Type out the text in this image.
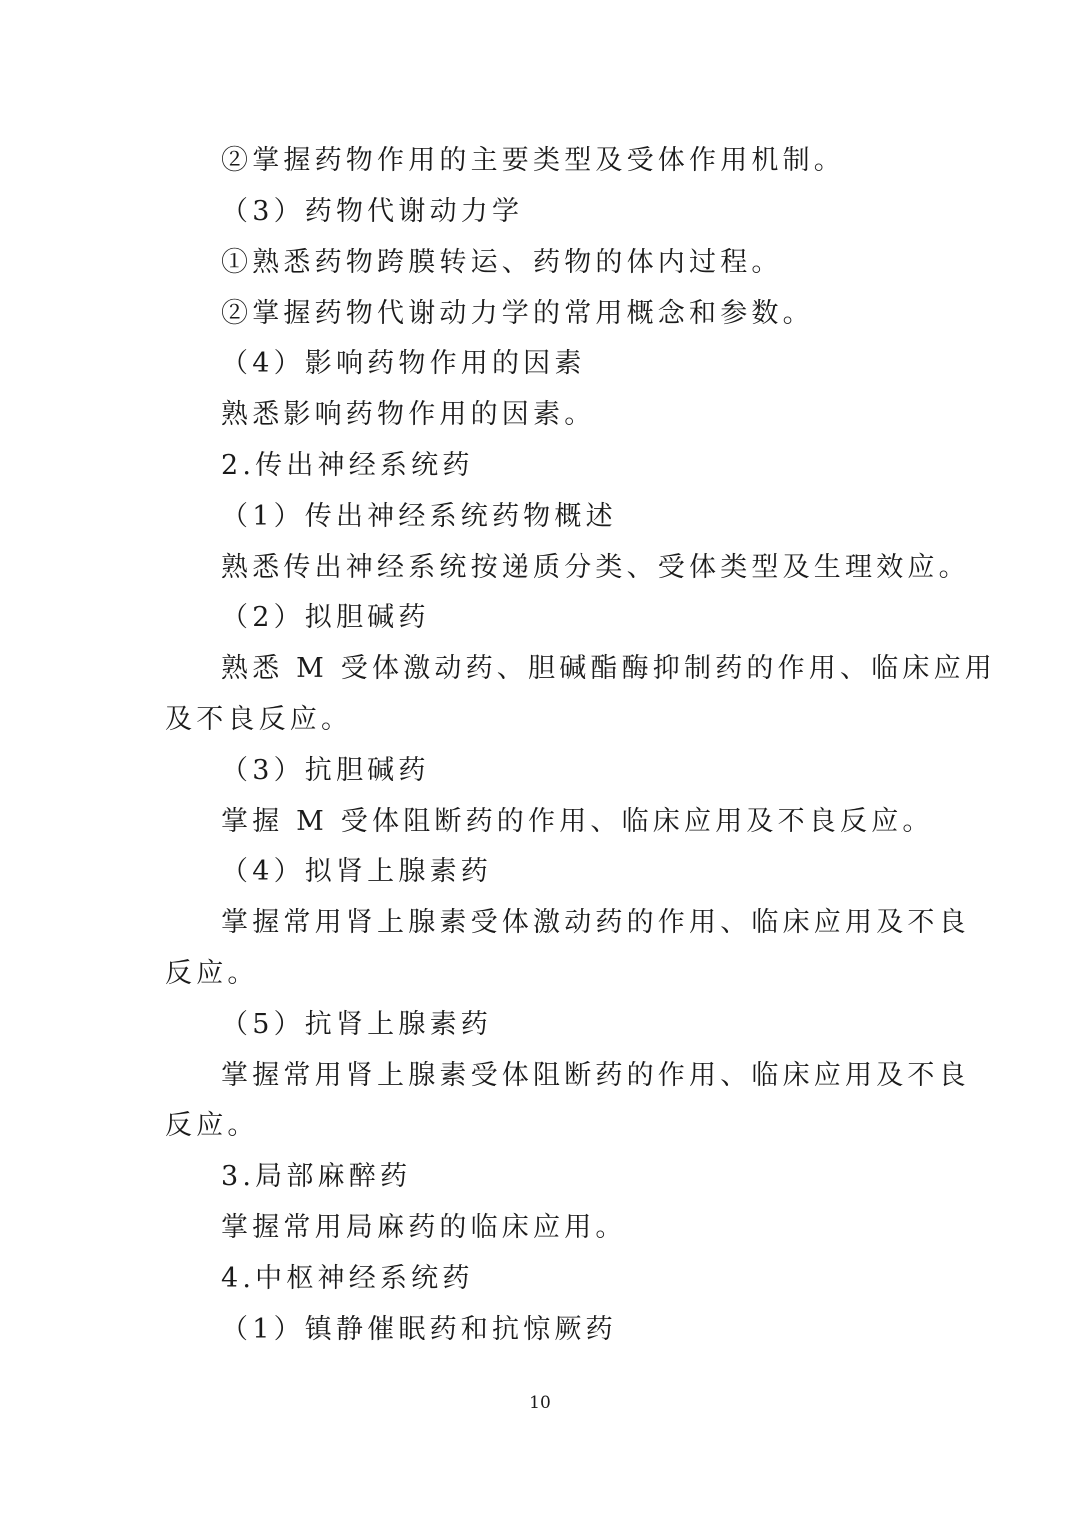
②掌握药物作用的主要类型及受体作用机制。
（3）药物代谢动力学
①熟悉药物跨膜转运、药物的体内过程。
②掌握药物代谢动力学的常用概念和参数。
（4）影响药物作用的因素
熟悉影响药物作用的因素。
2.传出神经系统药
（1）传出神经系统药物概述
熟悉传出神经系统按递质分类、受体类型及生理效应。
（2）拟胆碱药
熟悉 M 受体激动药、胆碱酯酶抑制药的作用、临床应用
及不良反应。
（3）抗胆碱药
掌握 M 受体阻断药的作用、临床应用及不良反应。
（4）拟肾上腺素药
掌握常用肾上腺素受体激动药的作用、临床应用及不良
反应。
（5）抗肾上腺素药
掌握常用肾上腺素受体阻断药的作用、临床应用及不良
反应。
3.局部麻醉药
掌握常用局麻药的临床应用。
4.中枢神经系统药
（1）镇静催眠药和抗惊厥药
10
